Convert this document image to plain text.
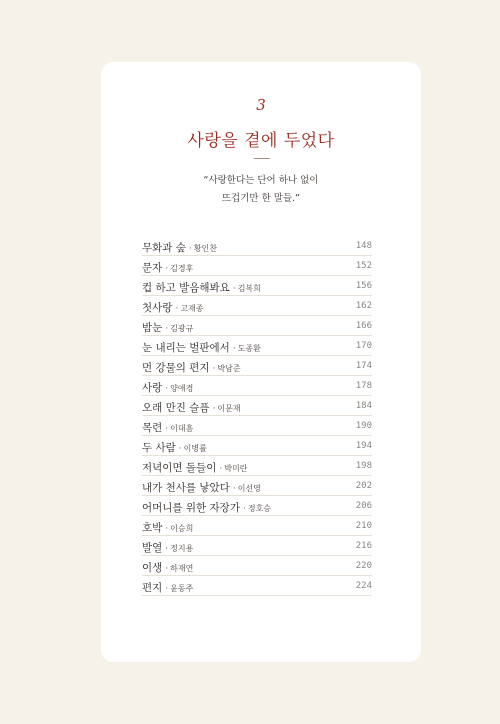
3
사랑을 곁에 두었다
“사랑한다는 단어 하나 없이
뜨겁기만 한 말들.”
무화과 숲 · 황인찬	148
문자 · 김경후	152
컵 하고 발음해봐요 · 김복희	156
첫사랑 · 고재종	162
밤눈 · 김광규	166
눈 내리는 벌판에서 · 도종환	170
먼 강물의 편지 · 박남준	174
사랑 · 양애경	178
오래 만진 슬픔 · 이문재	184
목련 · 이대흠	190
두 사람 · 이병률	194
저녁이면 돌들이 · 박미란	198
내가 천사를 낳았다 · 이선영	202
어머니를 위한 자장가 · 정호승	206
호박 · 이승희	210
발열 · 정지용	216
이생 · 하재연	220
편지 · 윤동주	224
